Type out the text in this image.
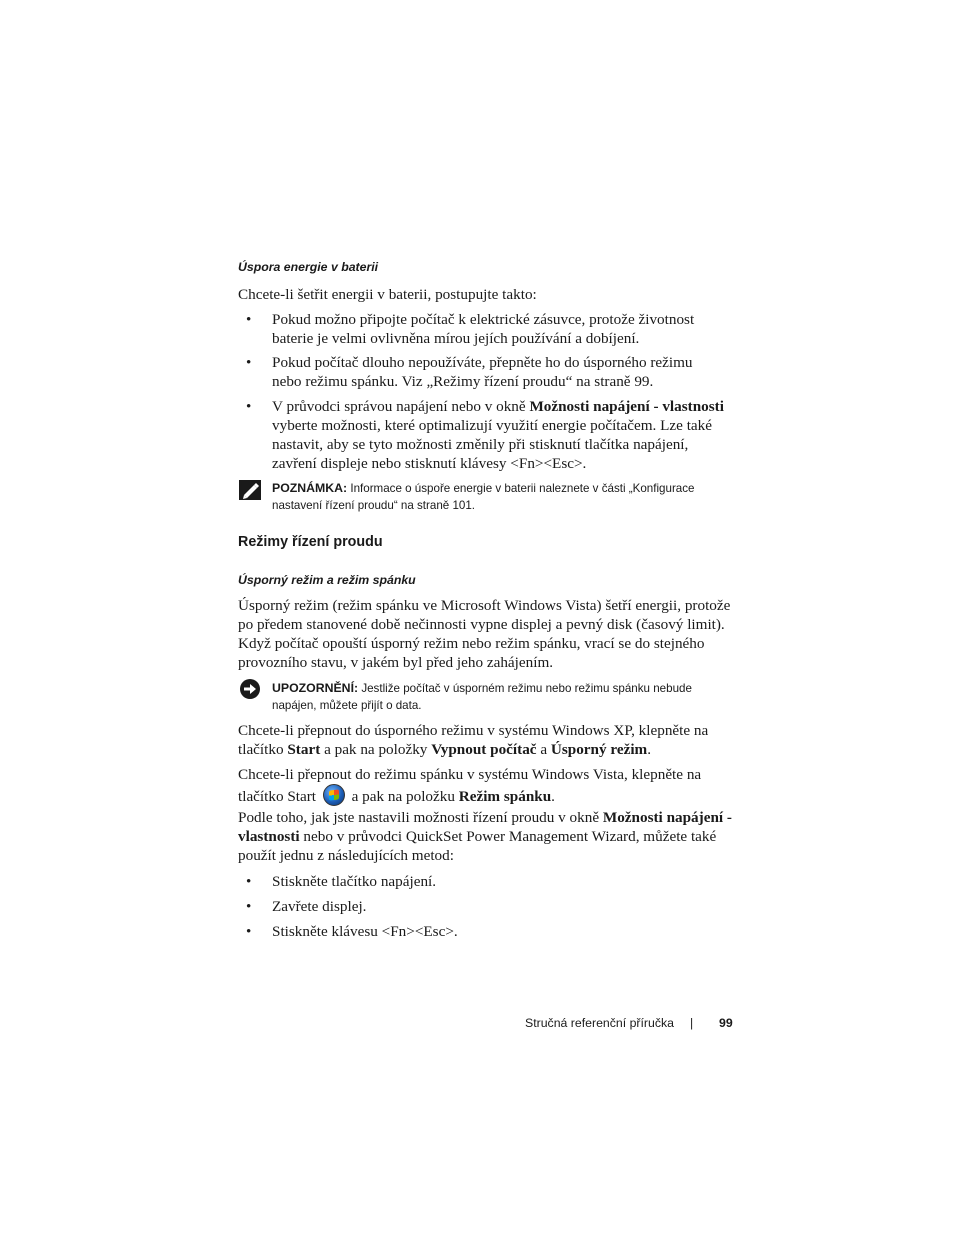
Úspora energie v baterii
Chcete-li šetřit energii v baterii, postupujte takto:
• Pokud možno připojte počítač k elektrické zásuvce, protože životnost
baterie je velmi ovlivněna mírou jejích používání a dobíjení.
• Pokud počítač dlouho nepoužíváte, přepněte ho do úsporného režimu
nebo režimu spánku. Viz „Režimy řízení proudu“ na straně 99.
• V průvodci správou napájení nebo v okně Možnosti napájení - vlastnosti
vyberte možnosti, které optimalizují využití energie počítačem. Lze také
nastavit, aby se tyto možnosti změnily při stisknutí tlačítka napájení,
zavření displeje nebo stisknutí klávesy <Fn><Esc>.
POZNÁMKA: Informace o úspoře energie v baterii naleznete v části „Konfigurace
nastavení řízení proudu“ na straně 101.
Režimy řízení proudu
Úsporný režim a režim spánku
Úsporný režim (režim spánku ve Microsoft Windows Vista) šetří energii, protože
po předem stanovené době nečinnosti vypne displej a pevný disk (časový limit).
Když počítač opouští úsporný režim nebo režim spánku, vrací se do stejného
provozního stavu, v jakém byl před jeho zahájením.
UPOZORNĚNÍ: Jestliže počítač v úsporném režimu nebo režimu spánku nebude
napájen, můžete přijít o data.
Chcete-li přepnout do úsporného režimu v systému Windows XP, klepněte na
tlačítko Start a pak na položky Vypnout počítač a Úsporný režim.
Chcete-li přepnout do režimu spánku v systému Windows Vista, klepněte na
tlačítko Start  a pak na položku Režim spánku.
Podle toho, jak jste nastavili možnosti řízení proudu v okně Možnosti napájení -
vlastnosti nebo v průvodci QuickSet Power Management Wizard, můžete také
použít jednu z následujících metod:
• Stiskněte tlačítko napájení.
• Zavřete displej.
• Stiskněte klávesu <Fn><Esc>.
Stručná referenční příručka | 99
